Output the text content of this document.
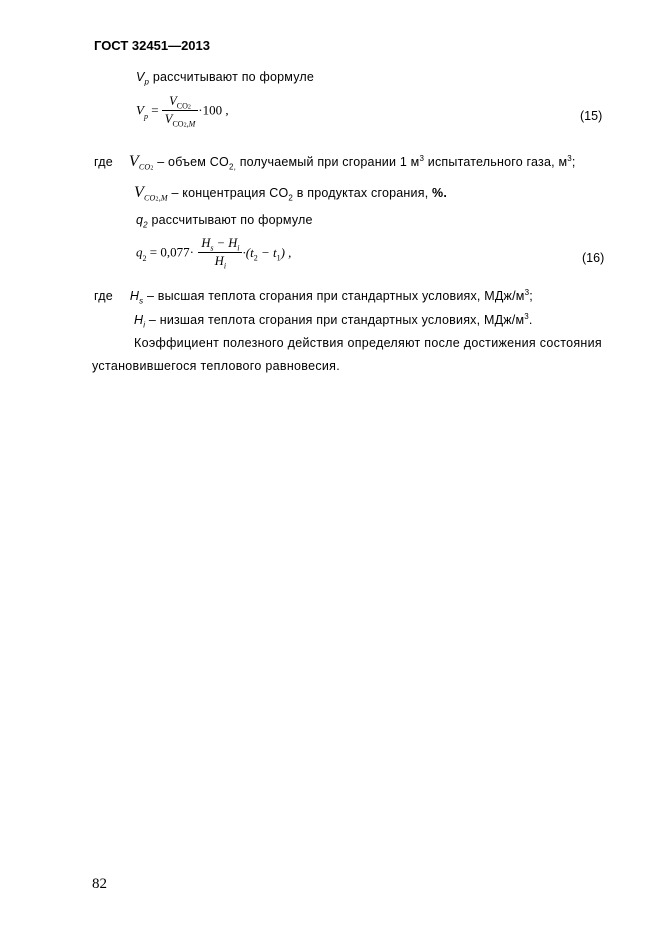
ГОСТ 32451—2013
$V_p$ рассчитывают по формуле
$V_p = \frac{V_{CO2}}{V_{CO2,M}} \cdot 100$ ,	(15)
где $V_{CO2}$ – объем $CO_{2,}$ получаемый при сгорании 1 $м^3$ испытательного газа, $м^3$;
$V_{CO2,M}$ – концентрация $CO_2$ в продуктах сгорания, %.
$q_2$ рассчитывают по формуле
$q_2 = 0,077\cdot \frac{H_s - H_i}{H_i} \cdot(t_2 - t_1)$ ,	(16)
где $H_s$ – высшая теплота сгорания при стандартных условиях, МДж/$м^3$;
$H_i$ – низшая теплота сгорания при стандартных условиях, МДж/$м^3$.
Коэффициент полезного действия определяют после достижения состояния установившегося теплового равновесия.
82
